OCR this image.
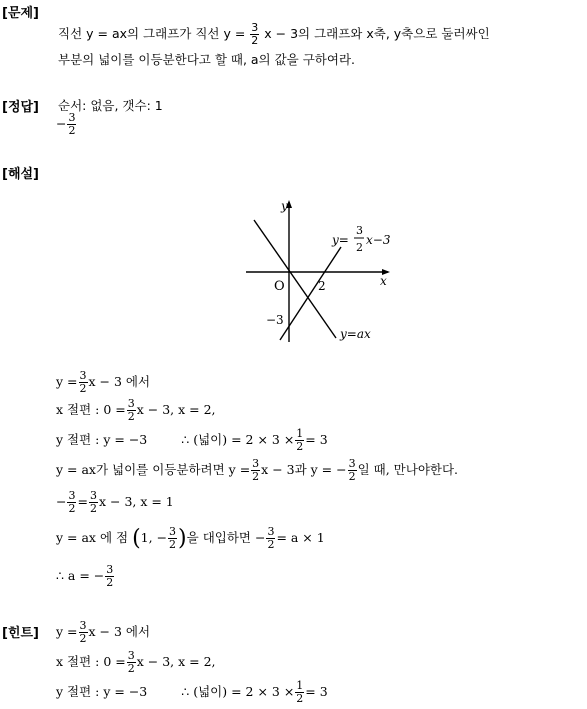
[문제]
[정답]
[해설]
[힌트]
직선 y = ax의 그래프가 직선 $y = \frac{3}{2}$ x − 3의 그래프와 x축, y축으로 둘러싸인
부분의 넓이를 이등분한다고 할 때, a의 값을 구하여라.
순서: 없음, 갯수: 1
− $\frac{3}{2}$
y
x
O	2
−3
y=
3
2
x−3
y=ax
$y = \frac{3}{2}$ x − 3 에서
x 절편 : $0 = \frac{3}{2}$ x − 3, x = 2,
y 절편 : y = −3	∴ (넓이) = $2 \times 3 \times \frac{1}{2} = 3$
y = ax가 넓이를 이등분하려면 $y = \frac{3}{2}$ x − 3과 y = − $\frac{3}{2}$ 일 때, 만나야한다.
− $\frac{3}{2} = \frac{3}{2}$ x − 3, x = 1
y = ax 에 점 (1, − $\frac{3}{2}$ )을 대입하면 − $\frac{3}{2} = a \times 1$
∴ a = − $\frac{3}{2}$
$y = \frac{3}{2}$ x − 3 에서
x 절편 : $0 = \frac{3}{2}$ x − 3, x = 2,
y 절편 : y = −3	∴ (넓이) = $2 \times 3 \times \frac{1}{2} = 3$
